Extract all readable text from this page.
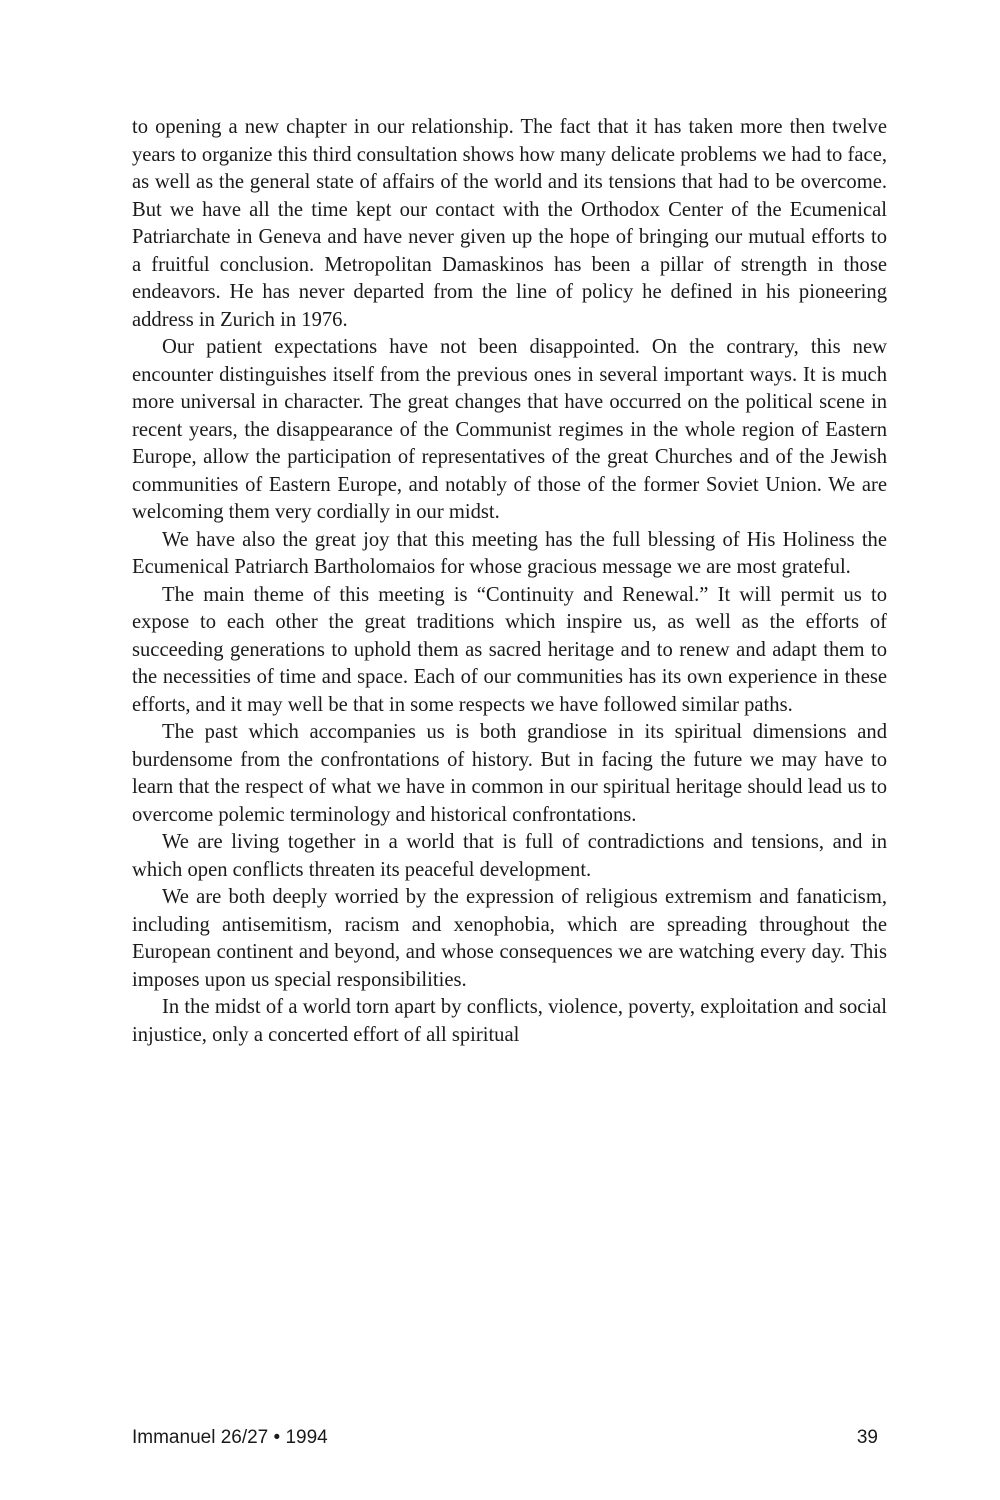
to opening a new chapter in our relationship. The fact that it has taken more then twelve years to organize this third consultation shows how many delicate problems we had to face, as well as the general state of affairs of the world and its tensions that had to be overcome. But we have all the time kept our contact with the Orthodox Center of the Ecumenical Patriarchate in Geneva and have never given up the hope of bringing our mutual efforts to a fruitful conclusion. Metropolitan Damaskinos has been a pillar of strength in those endeavors. He has never departed from the line of policy he defined in his pioneering address in Zurich in 1976.

Our patient expectations have not been disappointed. On the contrary, this new encounter distinguishes itself from the previous ones in several important ways. It is much more universal in character. The great changes that have occurred on the political scene in recent years, the disappearance of the Communist regimes in the whole region of Eastern Europe, allow the participation of representatives of the great Churches and of the Jewish communities of Eastern Europe, and notably of those of the former Soviet Union. We are welcoming them very cordially in our midst.

We have also the great joy that this meeting has the full blessing of His Holiness the Ecumenical Patriarch Bartholomaios for whose gracious message we are most grateful.

The main theme of this meeting is “Continuity and Renewal.” It will permit us to expose to each other the great traditions which inspire us, as well as the efforts of succeeding generations to uphold them as sacred heritage and to renew and adapt them to the necessities of time and space. Each of our communities has its own experience in these efforts, and it may well be that in some respects we have followed similar paths.

The past which accompanies us is both grandiose in its spiritual dimensions and burdensome from the confrontations of history. But in facing the future we may have to learn that the respect of what we have in common in our spiritual heritage should lead us to overcome polemic terminology and historical confrontations.

We are living together in a world that is full of contradictions and tensions, and in which open conflicts threaten its peaceful development.

We are both deeply worried by the expression of religious extremism and fanaticism, including antisemitism, racism and xenophobia, which are spreading throughout the European continent and beyond, and whose consequences we are watching every day. This imposes upon us special responsibilities.

In the midst of a world torn apart by conflicts, violence, poverty, exploitation and social injustice, only a concerted effort of all spiritual

Immanuel 26/27 • 1994	39
